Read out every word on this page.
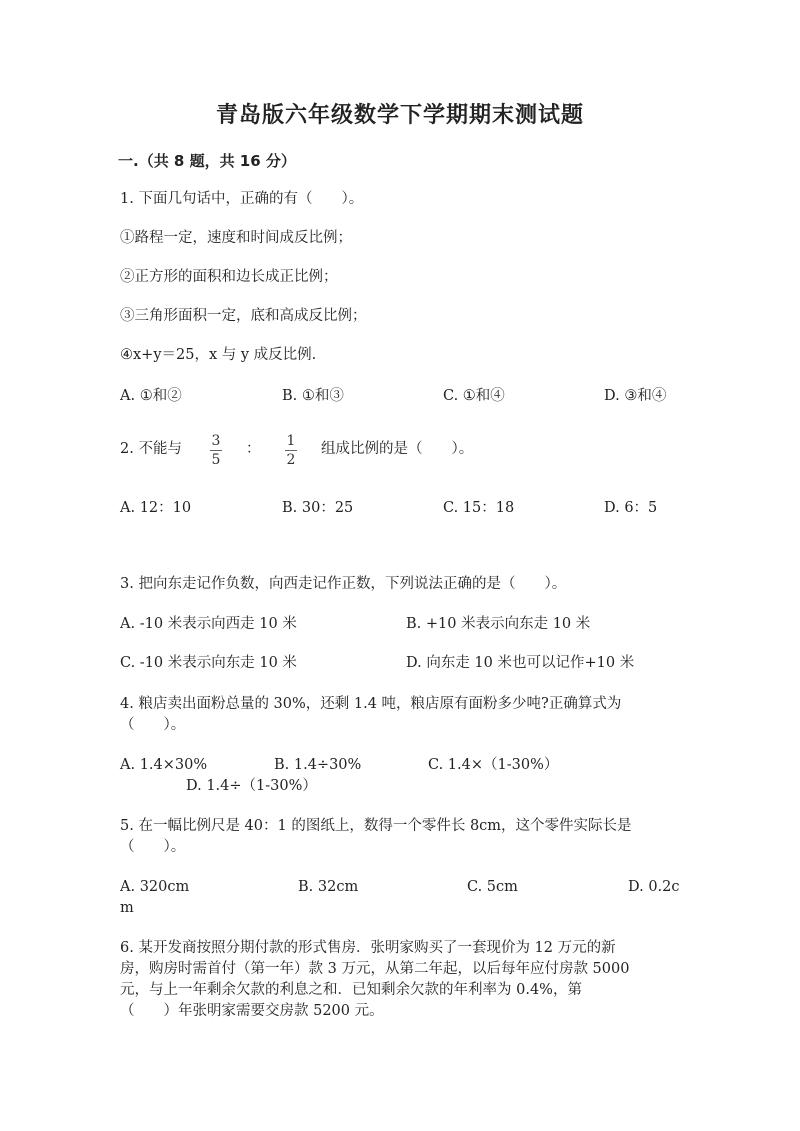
青岛版六年级数学下学期期末测试题
一.（共 8 题，共 16 分）
1. 下面几句话中，正确的有（　　）。
①路程一定，速度和时间成反比例；
②正方形的面积和边长成正比例；
③三角形面积一定，底和高成反比例；
④x+y＝25，x 与 y 成反比例.
A. ①和②	B. ①和③	C. ①和④	D. ③和④
2. 不能与 3
5
： 1
2
组成比例的是（　　）。
A. 12：10	B. 30：25	C. 15：18	D. 6：5
3. 把向东走记作负数，向西走记作正数，下列说法正确的是（　　）。
A. -10 米表示向西走 10 米	B. +10 米表示向东走 10 米
C. -10 米表示向东走 10 米	D. 向东走 10 米也可以记作+10 米
4. 粮店卖出面粉总量的 30%，还剩 1.4 吨，粮店原有面粉多少吨?正确算式为
（　　）。
A. 1.4×30%	B. 1.4÷30%	C. 1.4×（1-30%）
D. 1.4÷（1-30%）
5. 在一幅比例尺是 40：1 的图纸上，数得一个零件长 8cm，这个零件实际长是
（　　）。
A. 320cm	B. 32cm	C. 5cm	D. 0.2c
m
6. 某开发商按照分期付款的形式售房．张明家购买了一套现价为 12 万元的新
房，购房时需首付（第一年）款 3 万元，从第二年起，以后每年应付房款 5000
元，与上一年剩余欠款的利息之和．已知剩余欠款的年利率为 0.4%，第
（　　）年张明家需要交房款 5200 元。
